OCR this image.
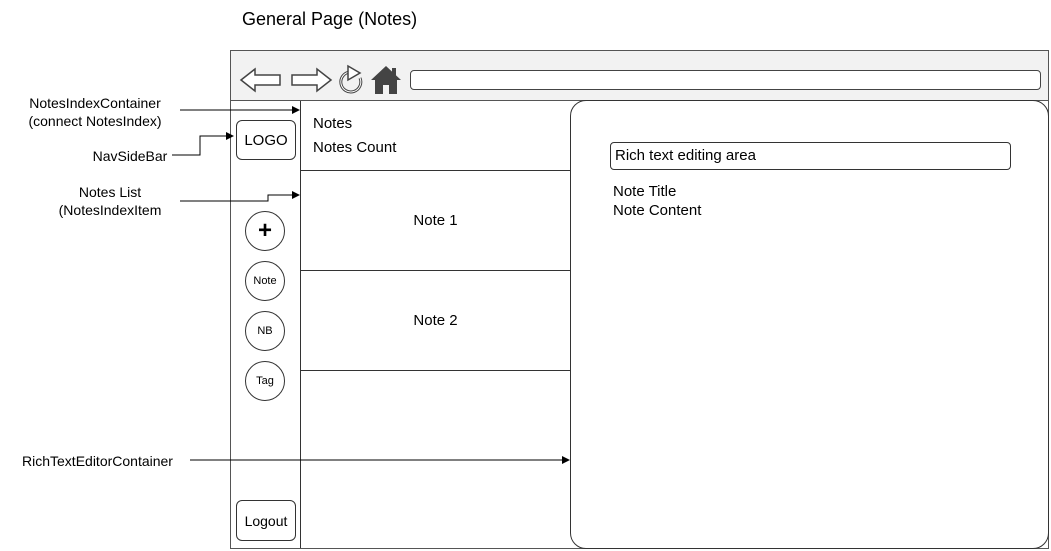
General Page (Notes)
LOGO
+
Note
NB
Tag
Logout
Notes
Notes Count
Note 1
Note 2
Rich text editing area
Note Title
Note Content
NotesIndexContainer
(connect NotesIndex)
NavSideBar
Notes List
(NotesIndexItem
RichTextEditorContainer
